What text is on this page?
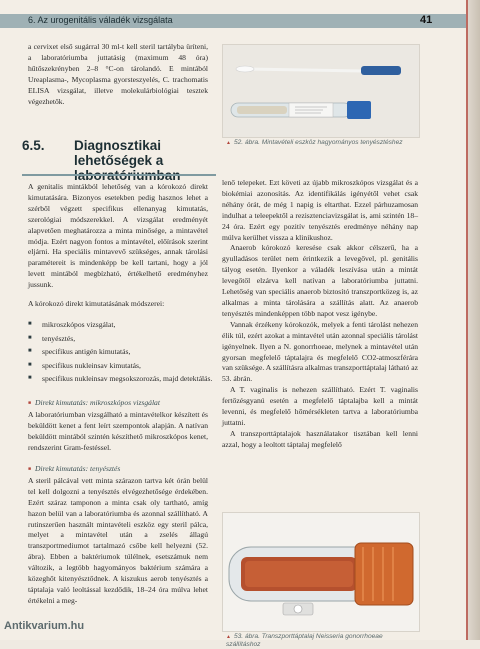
6. Az urogenitális váladék vizsgálata	41

a cervixet első sugárral 30 ml-t kell steril tartályba üríteni, a laboratóriumba juttatásig (maximum 48 óra) hűtőszekrényben 2–8 °C-on tárolandó. E mintából Ureaplasma-, Mycoplasma gyorsteszyelés, C. trachomatis ELISA vizsgálat, illetve molekulárbiológiai tesztek végezhetők.

6.5. Diagnosztikai lehetőségek a

A genitalis mintákból lehetőség van a kórokozó direkt kimutatására. Bizonyos esetekben pedig hasznos lehet a szérből végzett specifikus ellenanyag kimutatás, szerológiai módszerekkel. A vizsgálat eredményét alapvetően meghatározza a minta minősége, a mintavétel módja. Ezért nagyon fontos a mintavétel, előírások szerint eljárni. Ha speciális mintavevő szükséges, annak tárolási paramétereit is mindenképp be kell tartani, hogy a jól levett mintából megbízható, értékelhető eredményhez jussunk.

A kórokozó direkt kimutatásának módszerei:

■ mikroszkópos vizsgálat,
■ tenyésztés,
■ specifikus antigén kimutatás,
■ specifikus nukleinsav kimutatás,
■ specifikus nukleinsav megsokszorozás, majd detektálás.

■ Direkt kimutatás: mikroszkópos vizsgálat

A laboratóriumban vizsgálható a mintavételkor készített és beküldött kenet a fent leírt szempontok alapján. A natívan beküldött mintából szintén készíthető mikroszkópos kenet, rendszerint Gram-festéssel.

■ Direkt kimutatás: tenyésztés

A steril pálcával vett minta szárazon tartva két órán belül tel kell dolgozni a tenyésztés elvégezhetősége érdekében. Ezért száraz tamponon a minta csak oly tartható, amíg hazon belül van a laboratóriumba és azonnal szállítható. A rutinszerűen használt mintavételi eszköz egy steril pálca, melyet a mintavétel után a zselés állagú transzportmediumot tartalmazó csőbe kell helyezni (52. ábra). Ebben a baktériumok túlélnek, esetszámuk nem változik, a legtöbb hagyományos baktérium számára a közeghőt kitenyésztődnek. A kiszukus aerob tenyésztés a táptalaja való leoltással kezdődik, 18–24 óra múlva lehet értékelni a meg-

▲ 52. ábra. Mintavételi eszköz hagyományos tenyésztéshez

lenő telepeket. Ezt követi az újabb mikroszkópos vizsgálat és a biokémiai azonosítás. Az identifikálás igényétől vehet csak néhány órát, de még 1 napig is eltarthat. Ezzel párhuzamosan indulhat a teleepektől a rezisztenciavizsgálat is, ami szintén 18–24 óra. Ezért egy pozitív tenyésztés eredménye néhány nap múlva kerülhet vissza a klinikushoz.

Anaerob kórokozó keresése csak akkor célszerű, ha a gyulladásos terület nem érintkezik a levegővel, pl. genitális tályog esetén. Ilyenkor a váladék leszívása után a mintát levegőtől elzárva kell natívan a laboratóriumba juttatni. Lehetőség van speciális anaerob biztosító transzportközeg is, az alkalmas a minta tárolására a szállítás alatt. Az anaerob tenyésztés mindenképpen több napot vesz igénybe.

Vannak érzékeny kórokozók, melyek a fenti tárolást nehezen élik túl, ezért azokat a mintavétel után azonnal speciális tárolást igényelnek. Ilyen a N. gonorrhoeae, melynek a mintavétel után gyorsan megfelelő táptalajra és megfelelő CO2-atmoszférára van szüksége. A szállításra alkalmas transzporttáptalaj látható az 53. ábrán.

A T. vaginalis is nehezen szállítható. Ezért T. vaginalis fertőzésgyanú esetén a megfelelő táptalajba kell a mintát levenni, és megfelelő hőmérsékleten tartva a laboratóriumba juttatni.

A transzporttáptalajok használatakor tisztában kell lenni azzal, hogy a leoltott táptalaj megfelelő

▲ 53. ábra. Transzporttáptalaj Neisseria gonorrhoeae szállításhoz
Antikvarium.hu
